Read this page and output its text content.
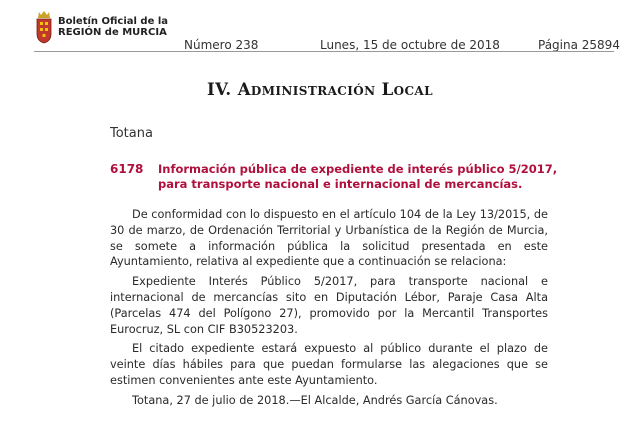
Boletín Oficial de la
REGIÓN de MURCIA
Número 238	Lunes, 15 de octubre de 2018	Página 25894
IV. Administración Local
Totana
6178 Información pública de expediente de interés público 5/2017, para transporte nacional e internacional de mercancías.

De conformidad con lo dispuesto en el artículo 104 de la Ley 13/2015, de 30 de marzo, de Ordenación Territorial y Urbanística de la Región de Murcia, se somete a información pública la solicitud presentada en este Ayuntamiento, relativa al expediente que a continuación se relaciona:

Expediente Interés Público 5/2017, para transporte nacional e internacional de mercancías sito en Diputación Lébor, Paraje Casa Alta (Parcelas 474 del Polígono 27), promovido por la Mercantil Transportes Eurocruz, SL con CIF B30523203.

El citado expediente estará expuesto al público durante el plazo de veinte días hábiles para que puedan formularse las alegaciones que se estimen convenientes ante este Ayuntamiento.

Totana, 27 de julio de 2018.—El Alcalde, Andrés García Cánovas.
